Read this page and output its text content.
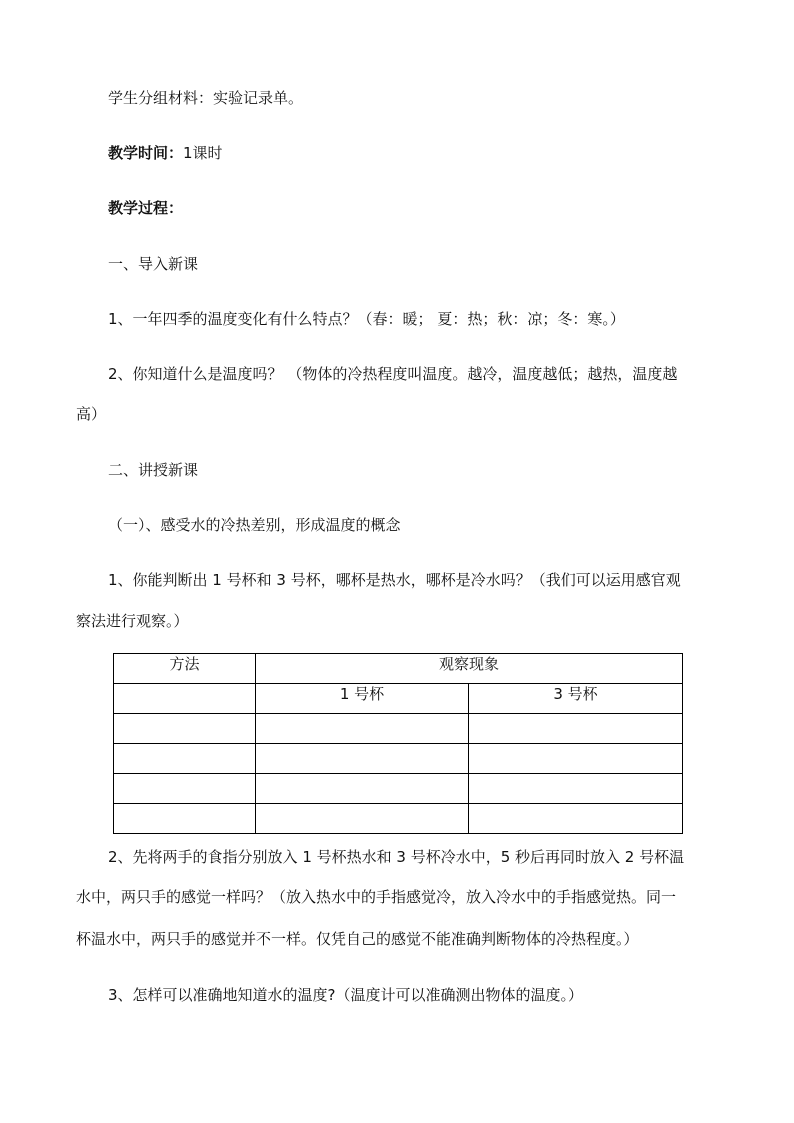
学生分组材料：实验记录单。
教学时间：1课时
教学过程：
一、导入新课
1、一年四季的温度变化有什么特点？（春：暖； 夏：热；秋：凉；冬：寒。）
2、你知道什么是温度吗？ （物体的冷热程度叫温度。越冷，温度越低；越热，温度越
高）
二、讲授新课
（一）、感受水的冷热差别，形成温度的概念
1、你能判断出 1 号杯和 3 号杯，哪杯是热水，哪杯是冷水吗？（我们可以运用感官观
察法进行观察。）
方法	观察现象	
	1 号杯	3 号杯

2、先将两手的食指分别放入 1 号杯热水和 3 号杯冷水中，5 秒后再同时放入 2 号杯温
水中，两只手的感觉一样吗？（放入热水中的手指感觉冷，放入冷水中的手指感觉热。同一
杯温水中，两只手的感觉并不一样。仅凭自己的感觉不能准确判断物体的冷热程度。）
3、怎样可以准确地知道水的温度?（温度计可以准确测出物体的温度。）
